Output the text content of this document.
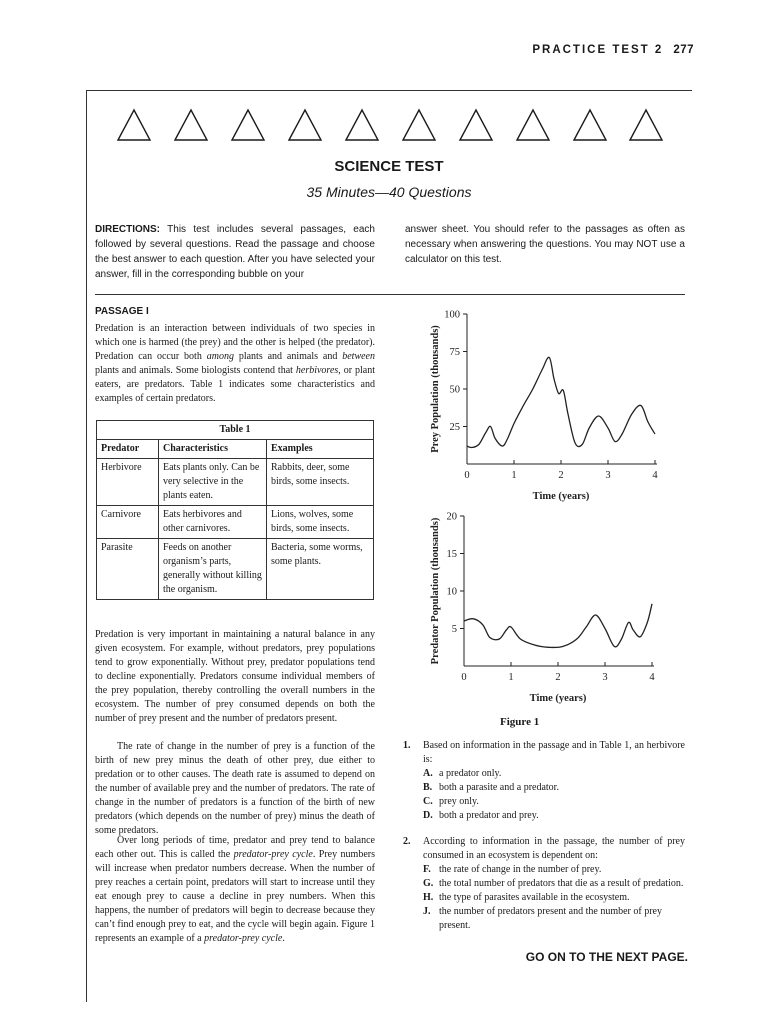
PRACTICE TEST 2 277
SCIENCE TEST
35 Minutes—40 Questions
DIRECTIONS: This test includes several passages, each followed by several questions. Read the passage and choose the best answer to each question. After you have selected your answer, fill in the corresponding bubble on your
answer sheet. You should refer to the passages as often as necessary when answering the questions. You may NOT use a calculator on this test.
PASSAGE I
Predation is an interaction between individuals of two species in which one is harmed (the prey) and the other is helped (the predator). Predation can occur both among plants and animals and between plants and animals. Some biologists contend that herbivores, or plant eaters, are predators. Table 1 indicates some characteristics and examples of certain predators.
Table 1		
Predator	Characteristics	Examples
Herbivore	Eats plants only. Can be very selective in the plants eaten.	Rabbits, deer, some birds, some insects.
Carnivore	Eats herbivores and other carnivores.	Lions, wolves, some birds, some insects.
Parasite	Feeds on another organism’s parts, generally without killing the organism.	Bacteria, some worms, some plants.
Predation is very important in maintaining a natural balance in any given ecosystem. For example, without predators, prey populations tend to grow exponentially. Without prey, predator populations tend to decline exponentially. Predators consume individual members of the prey population, thereby controlling the overall numbers in the ecosystem. The number of prey consumed depends on both the number of prey present and the number of predators present.
The rate of change in the number of prey is a function of the birth of new prey minus the death of other prey, due either to predation or to other causes. The death rate is assumed to depend on the number of available prey and the number of predators. The rate of change in the number of predators is a function of the birth of new predators (which depends on the number of prey) minus the death of some predators.
Over long periods of time, predator and prey tend to balance each other out. This is called the predator-prey cycle. Prey numbers will increase when predator numbers decrease. When the number of prey reaches a certain point, predators will start to increase until they eat enough prey to cause a decline in prey numbers. When this happens, the number of predators will begin to decrease because they can’t find enough prey to eat, and the cycle will begin again. Figure 1 represents an example of a predator-prey cycle.
25
50
75
100
0	1	2	3	4
Time (years)
Prey Population (thousands)
5
10
15
20
0	1	2	3	4
Time (years)
Predator Population (thousands)
Figure 1
1. Based on information in the passage and in Table 1, an herbivore is:
A. a predator only.
B. both a parasite and a predator.
C. prey only.
D. both a predator and prey.
2. According to information in the passage, the number of prey consumed in an ecosystem is dependent on:
F. the rate of change in the number of prey.
G. the total number of predators that die as a result of predation.
H. the type of parasites available in the ecosystem.
J. the number of predators present and the number of prey present.
GO ON TO THE NEXT PAGE.
